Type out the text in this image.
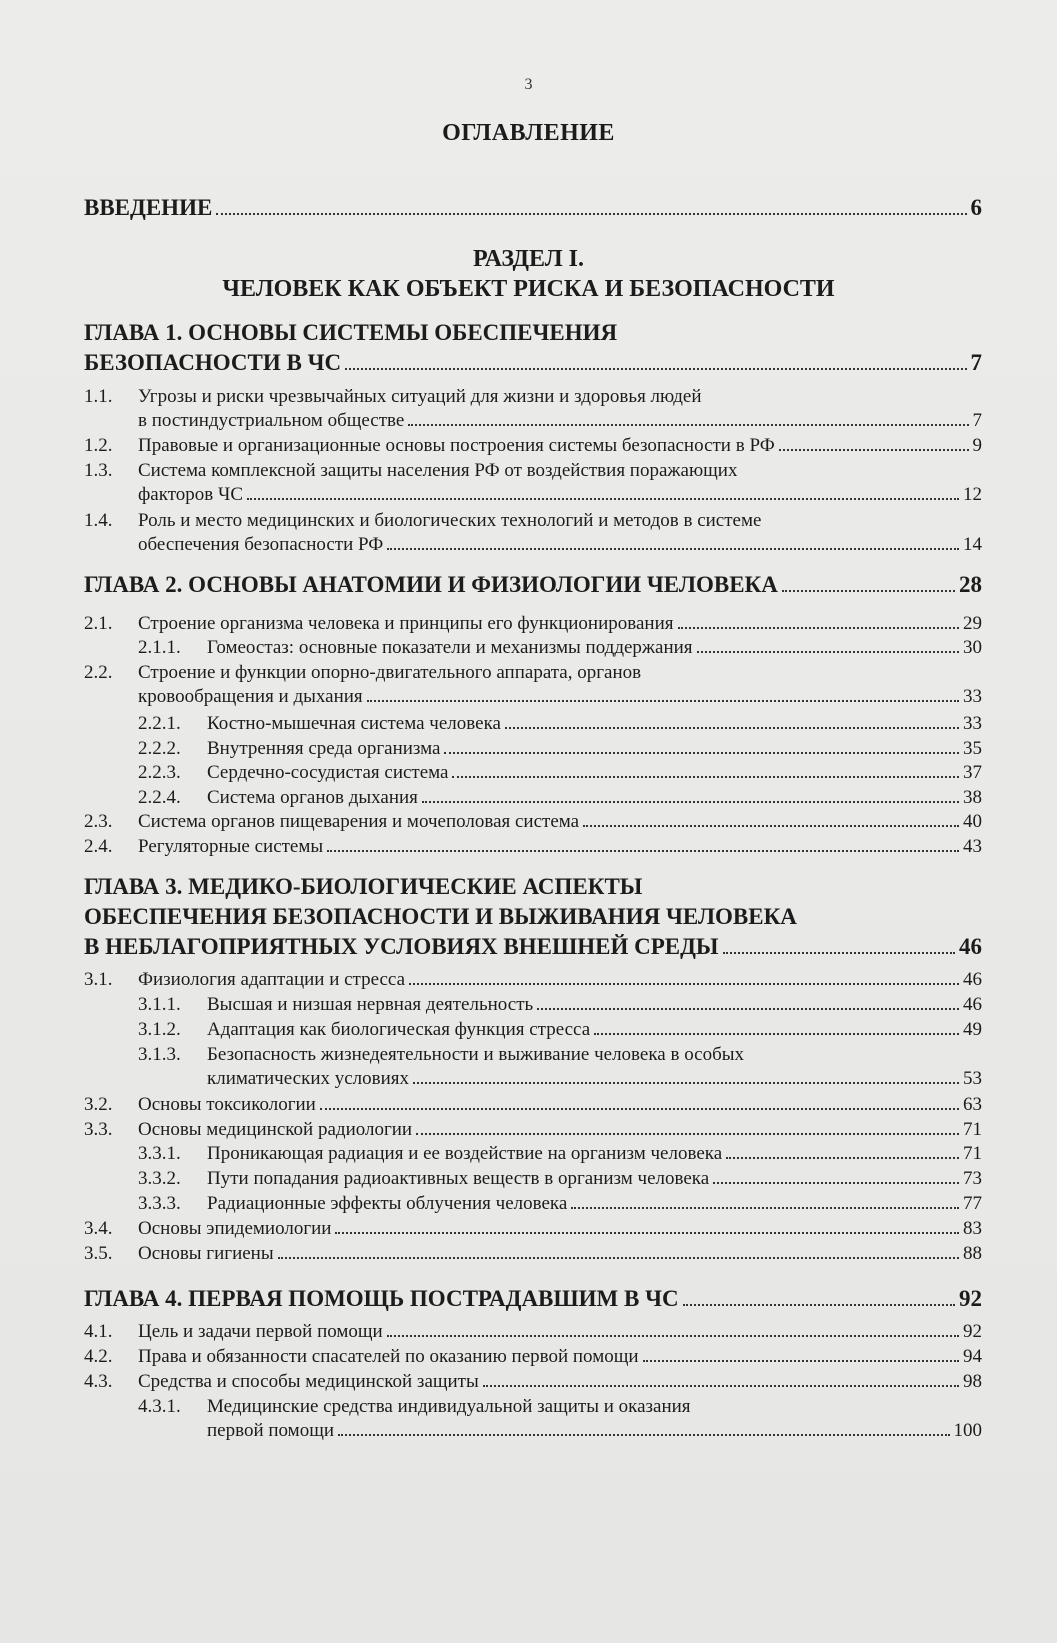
3
ОГЛАВЛЕНИЕ
ВВЕДЕНИЕ	6
РАЗДЕЛ I.
ЧЕЛОВЕК КАК ОБЪЕКТ РИСКА И БЕЗОПАСНОСТИ
ГЛАВА 1. ОСНОВЫ СИСТЕМЫ ОБЕСПЕЧЕНИЯ
БЕЗОПАСНОСТИ В ЧС	7
1.1.	Угрозы и риски чрезвычайных ситуаций для жизни и здоровья людей
в постиндустриальном обществе	7
1.2.	Правовые и организационные основы построения системы безопасности в РФ	9
1.3.	Система комплексной защиты населения РФ от воздействия поражающих
факторов ЧС	12
1.4.	Роль и место медицинских и биологических технологий и методов в системе
обеспечения безопасности РФ	14
ГЛАВА 2. ОСНОВЫ АНАТОМИИ И ФИЗИОЛОГИИ ЧЕЛОВЕКА	28
2.1.	Строение организма человека и принципы его функционирования	29
2.1.1.	Гомеостаз: основные показатели и механизмы поддержания	30
2.2.	Строение и функции опорно-двигательного аппарата, органов
кровообращения и дыхания	33
2.2.1.	Костно-мышечная система человека	33
2.2.2.	Внутренняя среда организма	35
2.2.3.	Сердечно-сосудистая система	37
2.2.4.	Система органов дыхания	38
2.3.	Система органов пищеварения и мочеполовая система	40
2.4.	Регуляторные системы	43
ГЛАВА 3. МЕДИКО-БИОЛОГИЧЕСКИЕ АСПЕКТЫ
ОБЕСПЕЧЕНИЯ БЕЗОПАСНОСТИ И ВЫЖИВАНИЯ ЧЕЛОВЕКА
В НЕБЛАГОПРИЯТНЫХ УСЛОВИЯХ ВНЕШНЕЙ СРЕДЫ	46
3.1.	Физиология адаптации и стресса	46
3.1.1.	Высшая и низшая нервная деятельность	46
3.1.2.	Адаптация как биологическая функция стресса	49
3.1.3.	Безопасность жизнедеятельности и выживание человека в особых
климатических условиях	53
3.2.	Основы токсикологии	63
3.3.	Основы медицинской радиологии	71
3.3.1.	Проникающая радиация и ее воздействие на организм человека	71
3.3.2.	Пути попадания радиоактивных веществ в организм человека	73
3.3.3.	Радиационные эффекты облучения человека	77
3.4.	Основы эпидемиологии	83
3.5.	Основы гигиены	88
ГЛАВА 4. ПЕРВАЯ ПОМОЩЬ ПОСТРАДАВШИМ В ЧС	92
4.1.	Цель и задачи первой помощи	92
4.2.	Права и обязанности спасателей по оказанию первой помощи	94
4.3.	Средства и способы медицинской защиты	98
4.3.1.	Медицинские средства индивидуальной защиты и оказания
первой помощи	100
